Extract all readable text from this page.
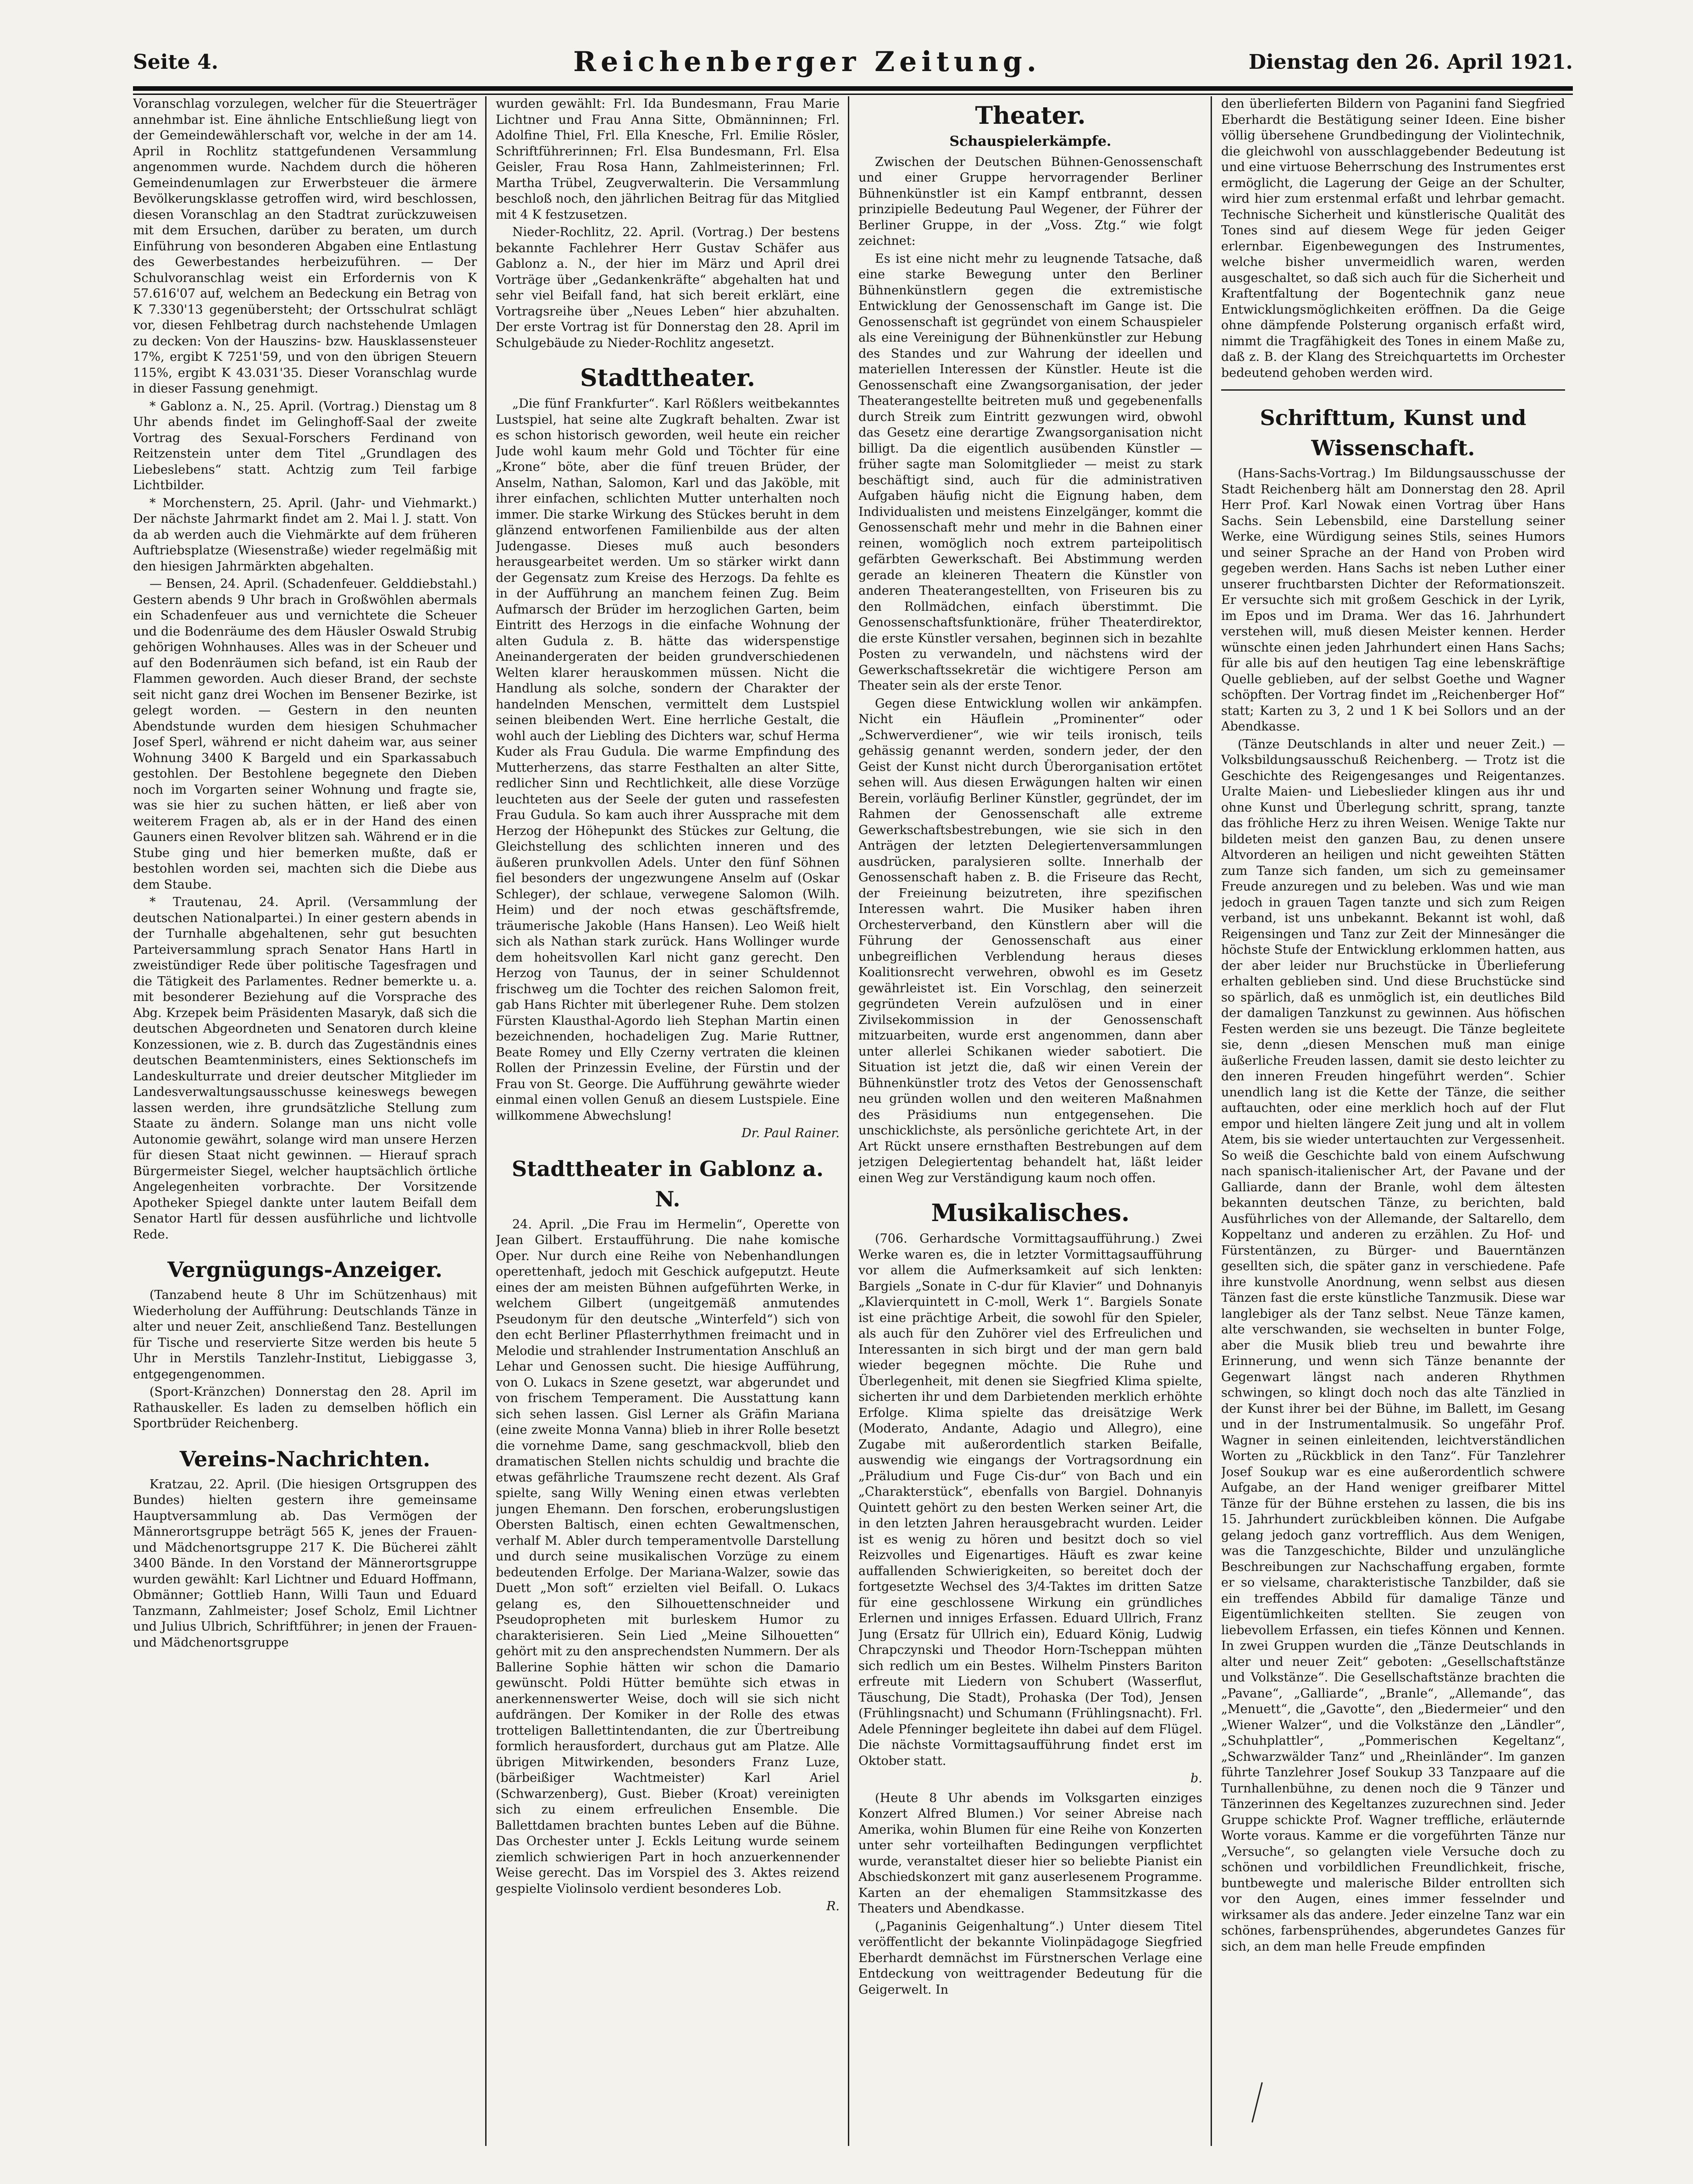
Seite 4.	Reichenberger Zeitung.	Dienstag den 26. April 1921.

Voranschlag vorzulegen, welcher für die Steuerträger annehmbar ist. Eine ähnliche Entschließung liegt von der Gemeindewählerschaft vor, welche in der am 14. April in Rochlitz stattgefundenen Versammlung angenommen wurde. Nachdem durch die höheren Gemeindenumlagen zur Erwerbsteuer die ärmere Bevölkerungsklasse getroffen wird, wird beschlossen, diesen Voranschlag an den Stadtrat zurückzuweisen mit dem Ersuchen, darüber zu beraten, um durch Einführung von besonderen Abgaben eine Entlastung des Gewerbestandes herbeizuführen. — Der Schulvoranschlag weist ein Erfordernis von K 57.616'07 auf, welchem an Bedeckung ein Betrag von K 7.330'13 gegenübersteht; der Ortsschulrat schlägt vor, diesen Fehlbetrag durch nachstehende Umlagen zu decken: Von der Hauszins- bzw. Hausklassensteuer 17%, ergibt K 7251'59, und von den übrigen Steuern 115%, ergibt K 43.031'35. Dieser Voranschlag wurde in dieser Fassung genehmigt.

* Gablonz a. N., 25. April. (Vortrag.) Dienstag um 8 Uhr abends findet im Gelinghoff-Saal der zweite Vortrag des Sexual-Forschers Ferdinand von Reitzenstein unter dem Titel „Grundlagen des Liebeslebens“ statt. Achtzig zum Teil farbige Lichtbilder.

* Morchenstern, 25. April. (Jahr- und Viehmarkt.) Der nächste Jahrmarkt findet am 2. Mai l. J. statt. Von da ab werden auch die Viehmärkte auf dem früheren Auftriebsplatze (Wiesenstraße) wieder regelmäßig mit den hiesigen Jahrmärkten abgehalten.

— Bensen, 24. April. (Schadenfeuer. Gelddiebstahl.) Gestern abends 9 Uhr brach in Großwöhlen abermals ein Schadenfeuer aus und vernichtete die Scheuer und die Bodenräume des dem Häusler Oswald Strubig gehörigen Wohnhauses. Alles was in der Scheuer und auf den Bodenräumen sich befand, ist ein Raub der Flammen geworden. Auch dieser Brand, der sechste seit nicht ganz drei Wochen im Bensener Bezirke, ist gelegt worden. — Gestern in den neunten Abendstunde wurden dem hiesigen Schuhmacher Josef Sperl, während er nicht daheim war, aus seiner Wohnung 3400 K Bargeld und ein Sparkassabuch gestohlen. Der Bestohlene begegnete den Dieben noch im Vorgarten seiner Wohnung und fragte sie, was sie hier zu suchen hätten, er ließ aber von weiterem Fragen ab, als er in der Hand des einen Gauners einen Revolver blitzen sah. Während er in die Stube ging und hier bemerken mußte, daß er bestohlen worden sei, machten sich die Diebe aus dem Staube.

* Trautenau, 24. April. (Versammlung der deutschen Nationalpartei.) In einer gestern abends in der Turnhalle abgehaltenen, sehr gut besuchten Parteiversammlung sprach Senator Hans Hartl in zweistündiger Rede über politische Tagesfragen und die Tätigkeit des Parlamentes. Redner bemerkte u. a. mit besonderer Beziehung auf die Vorsprache des Abg. Krzepek beim Präsidenten Masaryk, daß sich die deutschen Abgeordneten und Senatoren durch kleine Konzessionen, wie z. B. durch das Zugeständnis eines deutschen Beamtenministers, eines Sektionschefs im Landeskulturrate und dreier deutscher Mitglieder im Landesverwaltungsausschusse keineswegs bewegen lassen werden, ihre grundsätzliche Stellung zum Staate zu ändern. Solange man uns nicht volle Autonomie gewährt, solange wird man unsere Herzen für diesen Staat nicht gewinnen. — Hierauf sprach Bürgermeister Siegel, welcher hauptsächlich örtliche Angelegenheiten vorbrachte. Der Vorsitzende Apotheker Spiegel dankte unter lautem Beifall dem Senator Hartl für dessen ausführliche und lichtvolle Rede.

Vergnügungs-Anzeiger.

(Tanzabend heute 8 Uhr im Schützenhaus) mit Wiederholung der Aufführung: Deutschlands Tänze in alter und neuer Zeit, anschließend Tanz. Bestellungen für Tische und reservierte Sitze werden bis heute 5 Uhr in Merstils Tanzlehr-Institut, Liebiggasse 3, entgegengenommen.

(Sport-Kränzchen) Donnerstag den 28. April im Rathauskeller. Es laden zu demselben höflich ein Sportbrüder Reichenberg.

Vereins-Nachrichten.

Kratzau, 22. April. (Die hiesigen Ortsgruppen des Bundes) hielten gestern ihre gemeinsame Hauptversammlung ab. Das Vermögen der Männerortsgruppe beträgt 565 K, jenes der Frauen- und Mädchenortsgruppe 217 K. Die Bücherei zählt 3400 Bände. In den Vorstand der Männerortsgruppe wurden gewählt: Karl Lichtner und Eduard Hoffmann, Obmänner; Gottlieb Hann, Willi Taun und Eduard Tanzmann, Zahlmeister; Josef Scholz, Emil Lichtner und Julius Ulbrich, Schriftführer; in jenen der Frauen- und Mädchenortsgruppe

wurden gewählt: Frl. Ida Bundesmann, Frau Marie Lichtner und Frau Anna Sitte, Obmänninnen; Frl. Adolfine Thiel, Frl. Ella Knesche, Frl. Emilie Rösler, Schriftführerinnen; Frl. Elsa Bundesmann, Frl. Elsa Geisler, Frau Rosa Hann, Zahlmeisterinnen; Frl. Martha Trübel, Zeugverwalterin. Die Versammlung beschloß noch, den jährlichen Beitrag für das Mitglied mit 4 K festzusetzen.

Nieder-Rochlitz, 22. April. (Vortrag.) Der bestens bekannte Fachlehrer Herr Gustav Schäfer aus Gablonz a. N., der hier im März und April drei Vorträge über „Gedankenkräfte“ abgehalten hat und sehr viel Beifall fand, hat sich bereit erklärt, eine Vortragsreihe über „Neues Leben“ hier abzuhalten. Der erste Vortrag ist für Donnerstag den 28. April im Schulgebäude zu Nieder-Rochlitz angesetzt.

Stadttheater.

„Die fünf Frankfurter“. Karl Rößlers weitbekanntes Lustspiel, hat seine alte Zugkraft behalten. Zwar ist es schon historisch geworden, weil heute ein reicher Jude wohl kaum mehr Gold und Töchter für eine „Krone“ böte, aber die fünf treuen Brüder, der Anselm, Nathan, Salomon, Karl und das Jaköble, mit ihrer einfachen, schlichten Mutter unterhalten noch immer. Die starke Wirkung des Stückes beruht in dem glänzend entworfenen Familienbilde aus der alten Judengasse. Dieses muß auch besonders herausgearbeitet werden. Um so stärker wirkt dann der Gegensatz zum Kreise des Herzogs. Da fehlte es in der Aufführung an manchem feinen Zug. Beim Aufmarsch der Brüder im herzoglichen Garten, beim Eintritt des Herzogs in die einfache Wohnung der alten Gudula z. B. hätte das widerspenstige Aneinandergeraten der beiden grundverschiedenen Welten klarer herauskommen müssen. Nicht die Handlung als solche, sondern der Charakter der handelnden Menschen, vermittelt dem Lustspiel seinen bleibenden Wert. Eine herrliche Gestalt, die wohl auch der Liebling des Dichters war, schuf Herma Kuder als Frau Gudula. Die warme Empfindung des Mutterherzens, das starre Festhalten an alter Sitte, redlicher Sinn und Rechtlichkeit, alle diese Vorzüge leuchteten aus der Seele der guten und rassefesten Frau Gudula. So kam auch ihrer Aussprache mit dem Herzog der Höhepunkt des Stückes zur Geltung, die Gleichstellung des schlichten inneren und des äußeren prunkvollen Adels. Unter den fünf Söhnen fiel besonders der ungezwungene Anselm auf (Oskar Schleger), der schlaue, verwegene Salomon (Wilh. Heim) und der noch etwas geschäftsfremde, träumerische Jakoble (Hans Hansen). Leo Weiß hielt sich als Nathan stark zurück. Hans Wollinger wurde dem hoheitsvollen Karl nicht ganz gerecht. Den Herzog von Taunus, der in seiner Schuldennot frischweg um die Tochter des reichen Salomon freit, gab Hans Richter mit überlegener Ruhe. Dem stolzen Fürsten Klausthal-Agordo lieh Stephan Martin einen bezeichnenden, hochadeligen Zug. Marie Ruttner, Beate Romey und Elly Czerny vertraten die kleinen Rollen der Prinzessin Eveline, der Fürstin und der Frau von St. George. Die Aufführung gewährte wieder einmal einen vollen Genuß an diesem Lustspiele. Eine willkommene Abwechslung!

Dr. Paul Rainer.
Stadttheater in Gablonz a. N.

24. April. „Die Frau im Hermelin“, Operette von Jean Gilbert. Erstaufführung. Die nahe komische Oper. Nur durch eine Reihe von Nebenhandlungen operettenhaft, jedoch mit Geschick aufgeputzt. Heute eines der am meisten Bühnen aufgeführten Werke, in welchem Gilbert (ungeitgemäß anmutendes Pseudonym für den deutsche „Winterfeld“) sich von den echt Berliner Pflasterrhythmen freimacht und in Melodie und strahlender Instrumentation Anschluß an Lehar und Genossen sucht. Die hiesige Aufführung, von O. Lukacs in Szene gesetzt, war abgerundet und von frischem Temperament. Die Ausstattung kann sich sehen lassen. Gisl Lerner als Gräfin Mariana (eine zweite Monna Vanna) blieb in ihrer Rolle besetzt die vornehme Dame, sang geschmackvoll, blieb den dramatischen Stellen nichts schuldig und brachte die etwas gefährliche Traumszene recht dezent. Als Graf spielte, sang Willy Wening einen etwas verlebten jungen Ehemann. Den forschen, eroberungslustigen Obersten Baltisch, einen echten Gewaltmenschen, verhalf M. Abler durch temperamentvolle Darstellung und durch seine musikalischen Vorzüge zu einem bedeutenden Erfolge. Der Mariana-Walzer, sowie das Duett „Mon soft“ erzielten viel Beifall. O. Lukacs gelang es, den Silhouettenschneider und Pseudopropheten mit burleskem Humor zu charakterisieren. Sein Lied „Meine Silhouetten“ gehört mit zu den ansprechendsten Nummern. Der als Ballerine Sophie hätten wir schon die Damario gewünscht. Poldi Hütter bemühte sich etwas in anerkennenswerter Weise, doch will sie sich nicht aufdrängen. Der Komiker in der Rolle des etwas trotteligen Ballettintendanten, die zur Übertreibung formlich herausfordert, durchaus gut am Platze. Alle übrigen Mitwirkenden, besonders Franz Luze, (bärbeißiger Wachtmeister) Karl Ariel (Schwarzenberg), Gust. Bieber (Kroat) vereinigten sich zu einem erfreulichen Ensemble. Die Ballettdamen brachten buntes Leben auf die Bühne. Das Orchester unter J. Eckls Leitung wurde seinem ziemlich schwierigen Part in hoch anzuerkennender Weise gerecht. Das im Vorspiel des 3. Aktes reizend gespielte Violinsolo verdient besonderes Lob.

R.
Theater.
Schauspielerkämpfe.

Zwischen der Deutschen Bühnen-Genossenschaft und einer Gruppe hervorragender Berliner Bühnenkünstler ist ein Kampf entbrannt, dessen prinzipielle Bedeutung Paul Wegener, der Führer der Berliner Gruppe, in der „Voss. Ztg.“ wie folgt zeichnet:

Es ist eine nicht mehr zu leugnende Tatsache, daß eine starke Bewegung unter den Berliner Bühnenkünstlern gegen die extremistische Entwicklung der Genossenschaft im Gange ist. Die Genossenschaft ist gegründet von einem Schauspieler als eine Vereinigung der Bühnenkünstler zur Hebung des Standes und zur Wahrung der ideellen und materiellen Interessen der Künstler. Heute ist die Genossenschaft eine Zwangsorganisation, der jeder Theaterangestellte beitreten muß und gegebenenfalls durch Streik zum Eintritt gezwungen wird, obwohl das Gesetz eine derartige Zwangsorganisation nicht billigt. Da die eigentlich ausübenden Künstler — früher sagte man Solomitglieder — meist zu stark beschäftigt sind, auch für die administrativen Aufgaben häufig nicht die Eignung haben, dem Individualisten und meistens Einzelgänger, kommt die Genossenschaft mehr und mehr in die Bahnen einer reinen, womöglich noch extrem parteipolitisch gefärbten Gewerkschaft. Bei Abstimmung werden gerade an kleineren Theatern die Künstler von anderen Theaterangestellten, von Friseuren bis zu den Rollmädchen, einfach überstimmt. Die Genossenschaftsfunktionäre, früher Theaterdirektor, die erste Künstler versahen, beginnen sich in bezahlte Posten zu verwandeln, und nächstens wird der Gewerkschaftssekretär die wichtigere Person am Theater sein als der erste Tenor.

Gegen diese Entwicklung wollen wir ankämpfen. Nicht ein Häuflein „Prominenter“ oder „Schwerverdiener“, wie wir teils ironisch, teils gehässig genannt werden, sondern jeder, der den Geist der Kunst nicht durch Überorganisation ertötet sehen will. Aus diesen Erwägungen halten wir einen Berein, vorläufig Berliner Künstler, gegründet, der im Rahmen der Genossenschaft alle extreme Gewerkschaftsbestrebungen, wie sie sich in den Anträgen der letzten Delegiertenversammlungen ausdrücken, paralysieren sollte. Innerhalb der Genossenschaft haben z. B. die Friseure das Recht, der Freieinung beizutreten, ihre spezifischen Interessen wahrt. Die Musiker haben ihren Orchesterverband, den Künstlern aber will die Führung der Genossenschaft aus einer unbegreiflichen Verblendung heraus dieses Koalitionsrecht verwehren, obwohl es im Gesetz gewährleistet ist. Ein Vorschlag, den seinerzeit gegründeten Verein aufzulösen und in einer Zivilsekommission in der Genossenschaft mitzuarbeiten, wurde erst angenommen, dann aber unter allerlei Schikanen wieder sabotiert. Die Situation ist jetzt die, daß wir einen Verein der Bühnenkünstler trotz des Vetos der Genossenschaft neu gründen wollen und den weiteren Maßnahmen des Präsidiums nun entgegensehen. Die unschicklichste, als persönliche gerichtete Art, in der Art Rückt unsere ernsthaften Bestrebungen auf dem jetzigen Delegiertentag behandelt hat, läßt leider einen Weg zur Verständigung kaum noch offen.

Musikalisches.

(706. Gerhardsche Vormittagsaufführung.) Zwei Werke waren es, die in letzter Vormittagsaufführung vor allem die Aufmerksamkeit auf sich lenkten: Bargiels „Sonate in C-dur für Klavier“ und Dohnanyis „Klavierquintett in C-moll, Werk 1“. Bargiels Sonate ist eine prächtige Arbeit, die sowohl für den Spieler, als auch für den Zuhörer viel des Erfreulichen und Interessanten in sich birgt und der man gern bald wieder begegnen möchte. Die Ruhe und Überlegenheit, mit denen sie Siegfried Klima spielte, sicherten ihr und dem Darbietenden merklich erhöhte Erfolge. Klima spielte das dreisätzige Werk (Moderato, Andante, Adagio und Allegro), eine Zugabe mit außerordentlich starken Beifalle, auswendig wie eingangs der Vortragsordnung ein „Präludium und Fuge Cis-dur“ von Bach und ein „Charakterstück“, ebenfalls von Bargiel. Dohnanyis Quintett gehört zu den besten Werken seiner Art, die in den letzten Jahren herausgebracht wurden. Leider ist es wenig zu hören und besitzt doch so viel Reizvolles und Eigenartiges. Häuft es zwar keine auffallenden Schwierigkeiten, so bereitet doch der fortgesetzte Wechsel des 3/4-Taktes im dritten Satze für eine geschlossene Wirkung ein gründliches Erlernen und inniges Erfassen. Eduard Ullrich, Franz Jung (Ersatz für Ullrich ein), Eduard König, Ludwig Chrapczynski und Theodor Horn-Tscheppan mühten sich redlich um ein Bestes. Wilhelm Pinsters Bariton erfreute mit Liedern von Schubert (Wasserflut, Täuschung, Die Stadt), Prohaska (Der Tod), Jensen (Frühlingsnacht) und Schumann (Frühlingsnacht). Frl. Adele Pfenninger begleitete ihn dabei auf dem Flügel. Die nächste Vormittagsaufführung findet erst im Oktober statt.

b.

(Heute 8 Uhr abends im Volksgarten einziges Konzert Alfred Blumen.) Vor seiner Abreise nach Amerika, wohin Blumen für eine Reihe von Konzerten unter sehr vorteilhaften Bedingungen verpflichtet wurde, veranstaltet dieser hier so beliebte Pianist ein Abschiedskonzert mit ganz auserlesenem Programme. Karten an der ehemaligen Stammsitzkasse des Theaters und Abendkasse.

(„Paganinis Geigenhaltung“.) Unter diesem Titel veröffentlicht der bekannte Violinpädagoge Siegfried Eberhardt demnächst im Fürstnerschen Verlage eine Entdeckung von weittragender Bedeutung für die Geigerwelt. In

den überlieferten Bildern von Paganini fand Siegfried Eberhardt die Bestätigung seiner Ideen. Eine bisher völlig übersehene Grundbedingung der Violintechnik, die gleichwohl von ausschlaggebender Bedeutung ist und eine virtuose Beherrschung des Instrumentes erst ermöglicht, die Lagerung der Geige an der Schulter, wird hier zum erstenmal erfaßt und lehrbar gemacht. Technische Sicherheit und künstlerische Qualität des Tones sind auf diesem Wege für jeden Geiger erlernbar. Eigenbewegungen des Instrumentes, welche bisher unvermeidlich waren, werden ausgeschaltet, so daß sich auch für die Sicherheit und Kraftentfaltung der Bogentechnik ganz neue Entwicklungsmöglichkeiten eröffnen. Da die Geige ohne dämpfende Polsterung organisch erfaßt wird, nimmt die Tragfähigkeit des Tones in einem Maße zu, daß z. B. der Klang des Streichquartetts im Orchester bedeutend gehoben werden wird.

Schrifttum, Kunst und Wissenschaft.

(Hans-Sachs-Vortrag.) Im Bildungsausschusse der Stadt Reichenberg hält am Donnerstag den 28. April Herr Prof. Karl Nowak einen Vortrag über Hans Sachs. Sein Lebensbild, eine Darstellung seiner Werke, eine Würdigung seines Stils, seines Humors und seiner Sprache an der Hand von Proben wird gegeben werden. Hans Sachs ist neben Luther einer unserer fruchtbarsten Dichter der Reformationszeit. Er versuchte sich mit großem Geschick in der Lyrik, im Epos und im Drama. Wer das 16. Jahrhundert verstehen will, muß diesen Meister kennen. Herder wünschte einen jeden Jahrhundert einen Hans Sachs; für alle bis auf den heutigen Tag eine lebenskräftige Quelle geblieben, auf der selbst Goethe und Wagner schöpften. Der Vortrag findet im „Reichenberger Hof“ statt; Karten zu 3, 2 und 1 K bei Sollors und an der Abendkasse.

(Tänze Deutschlands in alter und neuer Zeit.) — Volksbildungsausschuß Reichenberg. — Trotz ist die Geschichte des Reigengesanges und Reigentanzes. Uralte Maien- und Liebeslieder klingen aus ihr und ohne Kunst und Überlegung schritt, sprang, tanzte das fröhliche Herz zu ihren Weisen. Wenige Takte nur bildeten meist den ganzen Bau, zu denen unsere Altvorderen an heiligen und nicht geweihten Stätten zum Tanze sich fanden, um sich zu gemeinsamer Freude anzuregen und zu beleben. Was und wie man jedoch in grauen Tagen tanzte und sich zum Reigen verband, ist uns unbekannt. Bekannt ist wohl, daß Reigensingen und Tanz zur Zeit der Minnesänger die höchste Stufe der Entwicklung erklommen hatten, aus der aber leider nur Bruchstücke in Überlieferung erhalten geblieben sind. Und diese Bruchstücke sind so spärlich, daß es unmöglich ist, ein deutliches Bild der damaligen Tanzkunst zu gewinnen. Aus höfischen Festen werden sie uns bezeugt. Die Tänze begleitete sie, denn „diesen Menschen muß man einige äußerliche Freuden lassen, damit sie desto leichter zu den inneren Freuden hingeführt werden“. Schier unendlich lang ist die Kette der Tänze, die seither auftauchten, oder eine merklich hoch auf der Flut empor und hielten längere Zeit jung und alt in vollem Atem, bis sie wieder untertauchten zur Vergessenheit. So weiß die Geschichte bald von einem Aufschwung nach spanisch-italienischer Art, der Pavane und der Galliarde, dann der Branle, wohl dem ältesten bekannten deutschen Tänze, zu berichten, bald Ausführliches von der Allemande, der Saltarello, dem Koppeltanz und anderen zu erzählen. Zu Hof- und Fürstentänzen, zu Bürger- und Bauerntänzen gesellten sich, die später ganz in verschiedene. Pafe ihre kunstvolle Anordnung, wenn selbst aus diesen Tänzen fast die erste künstliche Tanzmusik. Diese war langlebiger als der Tanz selbst. Neue Tänze kamen, alte verschwanden, sie wechselten in bunter Folge, aber die Musik blieb treu und bewahrte ihre Erinnerung, und wenn sich Tänze benannte der Gegenwart längst nach anderen Rhythmen schwingen, so klingt doch noch das alte Tänzlied in der Kunst ihrer bei der Bühne, im Ballett, im Gesang und in der Instrumentalmusik. So ungefähr Prof. Wagner in seinen einleitenden, leichtverständlichen Worten zu „Rückblick in den Tanz“. Für Tanzlehrer Josef Soukup war es eine außerordentlich schwere Aufgabe, an der Hand weniger greifbarer Mittel Tänze für der Bühne erstehen zu lassen, die bis ins 15. Jahrhundert zurückbleiben können. Die Aufgabe gelang jedoch ganz vortrefflich. Aus dem Wenigen, was die Tanzgeschichte, Bilder und unzulängliche Beschreibungen zur Nachschaffung ergaben, formte er so vielsame, charakteristische Tanzbilder, daß sie ein treffendes Abbild für damalige Tänze und Eigentümlichkeiten stellten. Sie zeugen von liebevollem Erfassen, ein tiefes Können und Kennen. In zwei Gruppen wurden die „Tänze Deutschlands in alter und neuer Zeit“ geboten: „Gesellschaftstänze und Volkstänze“. Die Gesellschaftstänze brachten die „Pavane“, „Galliarde“, „Branle“, „Allemande“, das „Menuett“, die „Gavotte“, den „Biedermeier“ und den „Wiener Walzer“, und die Volkstänze den „Ländler“, „Schuhplattler“, „Pommerischen Kegeltanz“, „Schwarzwälder Tanz“ und „Rheinländer“. Im ganzen führte Tanzlehrer Josef Soukup 33 Tanzpaare auf die Turnhallenbühne, zu denen noch die 9 Tänzer und Tänzerinnen des Kegeltanzes zuzurechnen sind. Jeder Gruppe schickte Prof. Wagner treffliche, erläuternde Worte voraus. Kamme er die vorgeführten Tänze nur „Versuche“, so gelangten viele Versuche doch zu schönen und vorbildlichen Freundlichkeit, frische, buntbewegte und malerische Bilder entrollten sich vor den Augen, eines immer fesselnder und wirksamer als das andere. Jeder einzelne Tanz war ein schönes, farbensprühendes, abgerundetes Ganzes für sich, an dem man helle Freude empfinden
